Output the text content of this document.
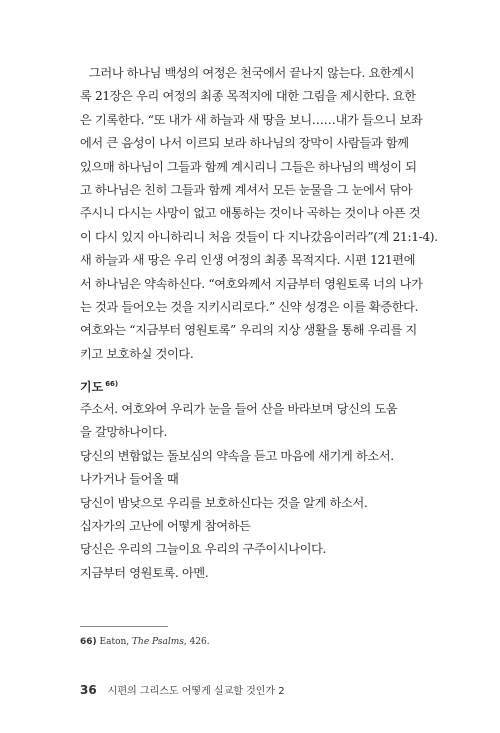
그러나 하나님 백성의 여정은 천국에서 끝나지 않는다. 요한계시
록 21장은 우리 여정의 최종 목적지에 대한 그림을 제시한다. 요한
은 기록한다. “또 내가 새 하늘과 새 땅을 보니……내가 들으니 보좌
에서 큰 음성이 나서 이르되 보라 하나님의 장막이 사람들과 함께
있으매 하나님이 그들과 함께 계시리니 그들은 하나님의 백성이 되
고 하나님은 친히 그들과 함께 계셔서 모든 눈물을 그 눈에서 닦아
주시니 다시는 사망이 없고 애통하는 것이나 곡하는 것이나 아픈 것
이 다시 있지 아니하리니 처음 것들이 다 지나갔음이러라”(계 21:1-4).
새 하늘과 새 땅은 우리 인생 여정의 최종 목적지다. 시편 121편에
서 하나님은 약속하신다. “여호와께서 지금부터 영원토록 너의 나가
는 것과 들어오는 것을 지키시리로다.” 신약 성경은 이를 확증한다.
여호와는 “지금부터 영원토록” 우리의 지상 생활을 통해 우리를 지
키고 보호하실 것이다.
기도 $^{66)}$
주소서. 여호와여 우리가 눈을 들어 산을 바라보며 당신의 도움
을 갈망하나이다.
당신의 변함없는 돌보심의 약속을 듣고 마음에 새기게 하소서.
나가거나 들어올 때
당신이 밤낮으로 우리를 보호하신다는 것을 알게 하소서.
십자가의 고난에 어떻게 참여하든
당신은 우리의 그늘이요 우리의 구주이시나이다.
지금부터 영원토록. 아멘.
66) Eaton, The Psalms, 426.
36 시편의 그리스도 어떻게 실교할 것인가 2
